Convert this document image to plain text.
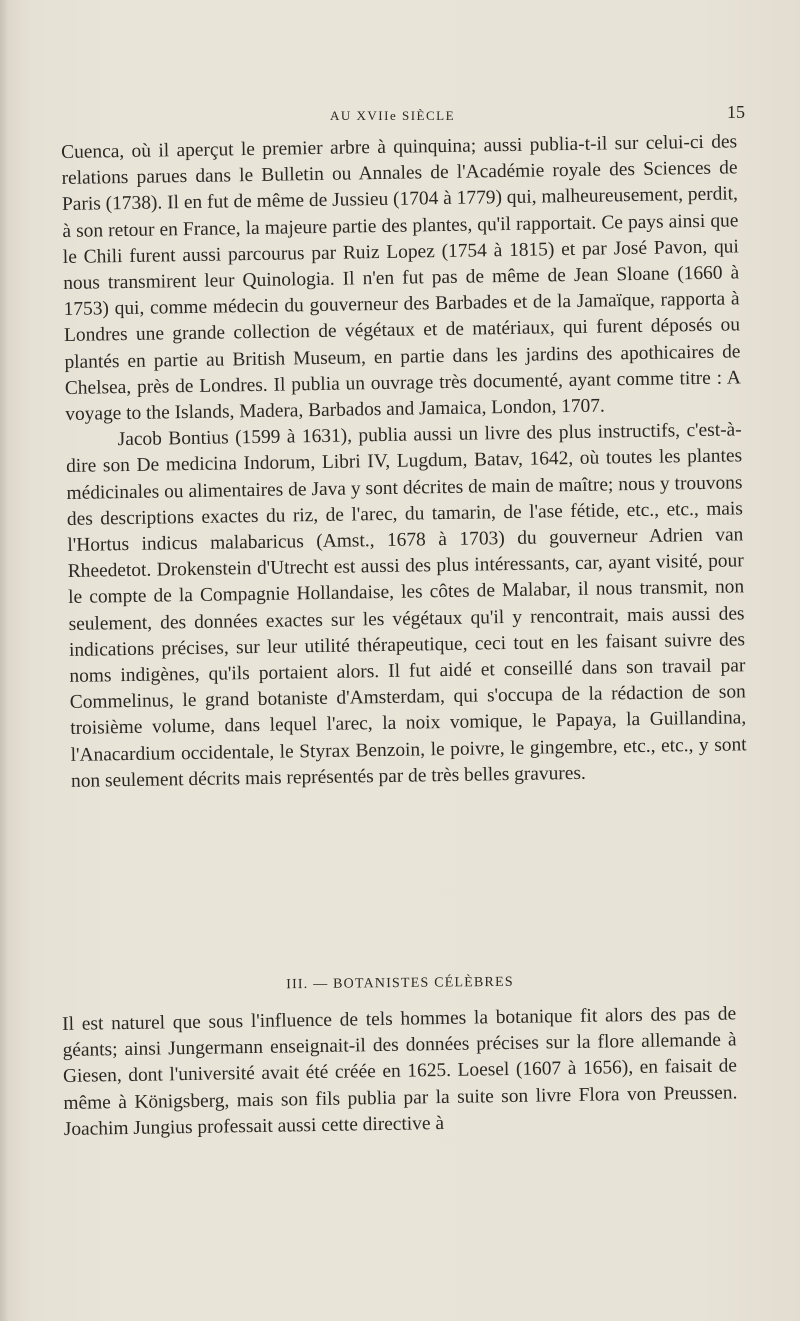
AU XVIIe SIÈCLE	15

Cuenca, où il aperçut le premier arbre à quinquina; aussi publia-t-il sur celui-ci des relations parues dans le Bulletin ou Annales de l'Académie royale des Sciences de Paris (1738). Il en fut de même de Jussieu (1704 à 1779) qui, malheureusement, perdit, à son retour en France, la majeure partie des plantes, qu'il rapportait. Ce pays ainsi que le Chili furent aussi parcourus par Ruiz Lopez (1754 à 1815) et par José Pavon, qui nous transmirent leur Quinologia. Il n'en fut pas de même de Jean Sloane (1660 à 1753) qui, comme médecin du gouverneur des Barbades et de la Jamaïque, rapporta à Londres une grande collection de végétaux et de matériaux, qui furent déposés ou plantés en partie au British Museum, en partie dans les jardins des apothicaires de Chelsea, près de Londres. Il publia un ouvrage très documenté, ayant comme titre : A voyage to the Islands, Madera, Barbados and Jamaica, London, 1707.

Jacob Bontius (1599 à 1631), publia aussi un livre des plus instructifs, c'est-à-dire son De medicina Indorum, Libri IV, Lugdum, Batav, 1642, où toutes les plantes médicinales ou alimentaires de Java y sont décrites de main de maître; nous y trouvons des descriptions exactes du riz, de l'arec, du tamarin, de l'ase fétide, etc., etc., mais l'Hortus indicus malabaricus (Amst., 1678 à 1703) du gouverneur Adrien van Rheedetot. Drokenstein d'Utrecht est aussi des plus intéressants, car, ayant visité, pour le compte de la Compagnie Hollandaise, les côtes de Malabar, il nous transmit, non seulement, des données exactes sur les végétaux qu'il y rencontrait, mais aussi des indications précises, sur leur utilité thérapeutique, ceci tout en les faisant suivre des noms indigènes, qu'ils portaient alors. Il fut aidé et conseillé dans son travail par Commelinus, le grand botaniste d'Amsterdam, qui s'occupa de la rédaction de son troisième volume, dans lequel l'arec, la noix vomique, le Papaya, la Guillandina, l'Anacardium occidentale, le Styrax Benzoin, le poivre, le gingembre, etc., etc., y sont non seulement décrits mais représentés par de très belles gravures.

III. — BOTANISTES CÉLÈBRES

Il est naturel que sous l'influence de tels hommes la botanique fit alors des pas de géants; ainsi Jungermann enseignait-il des données précises sur la flore allemande à Giesen, dont l'université avait été créée en 1625. Loesel (1607 à 1656), en faisait de même à Königsberg, mais son fils publia par la suite son livre Flora von Preussen. Joachim Jungius professait aussi cette directive à
